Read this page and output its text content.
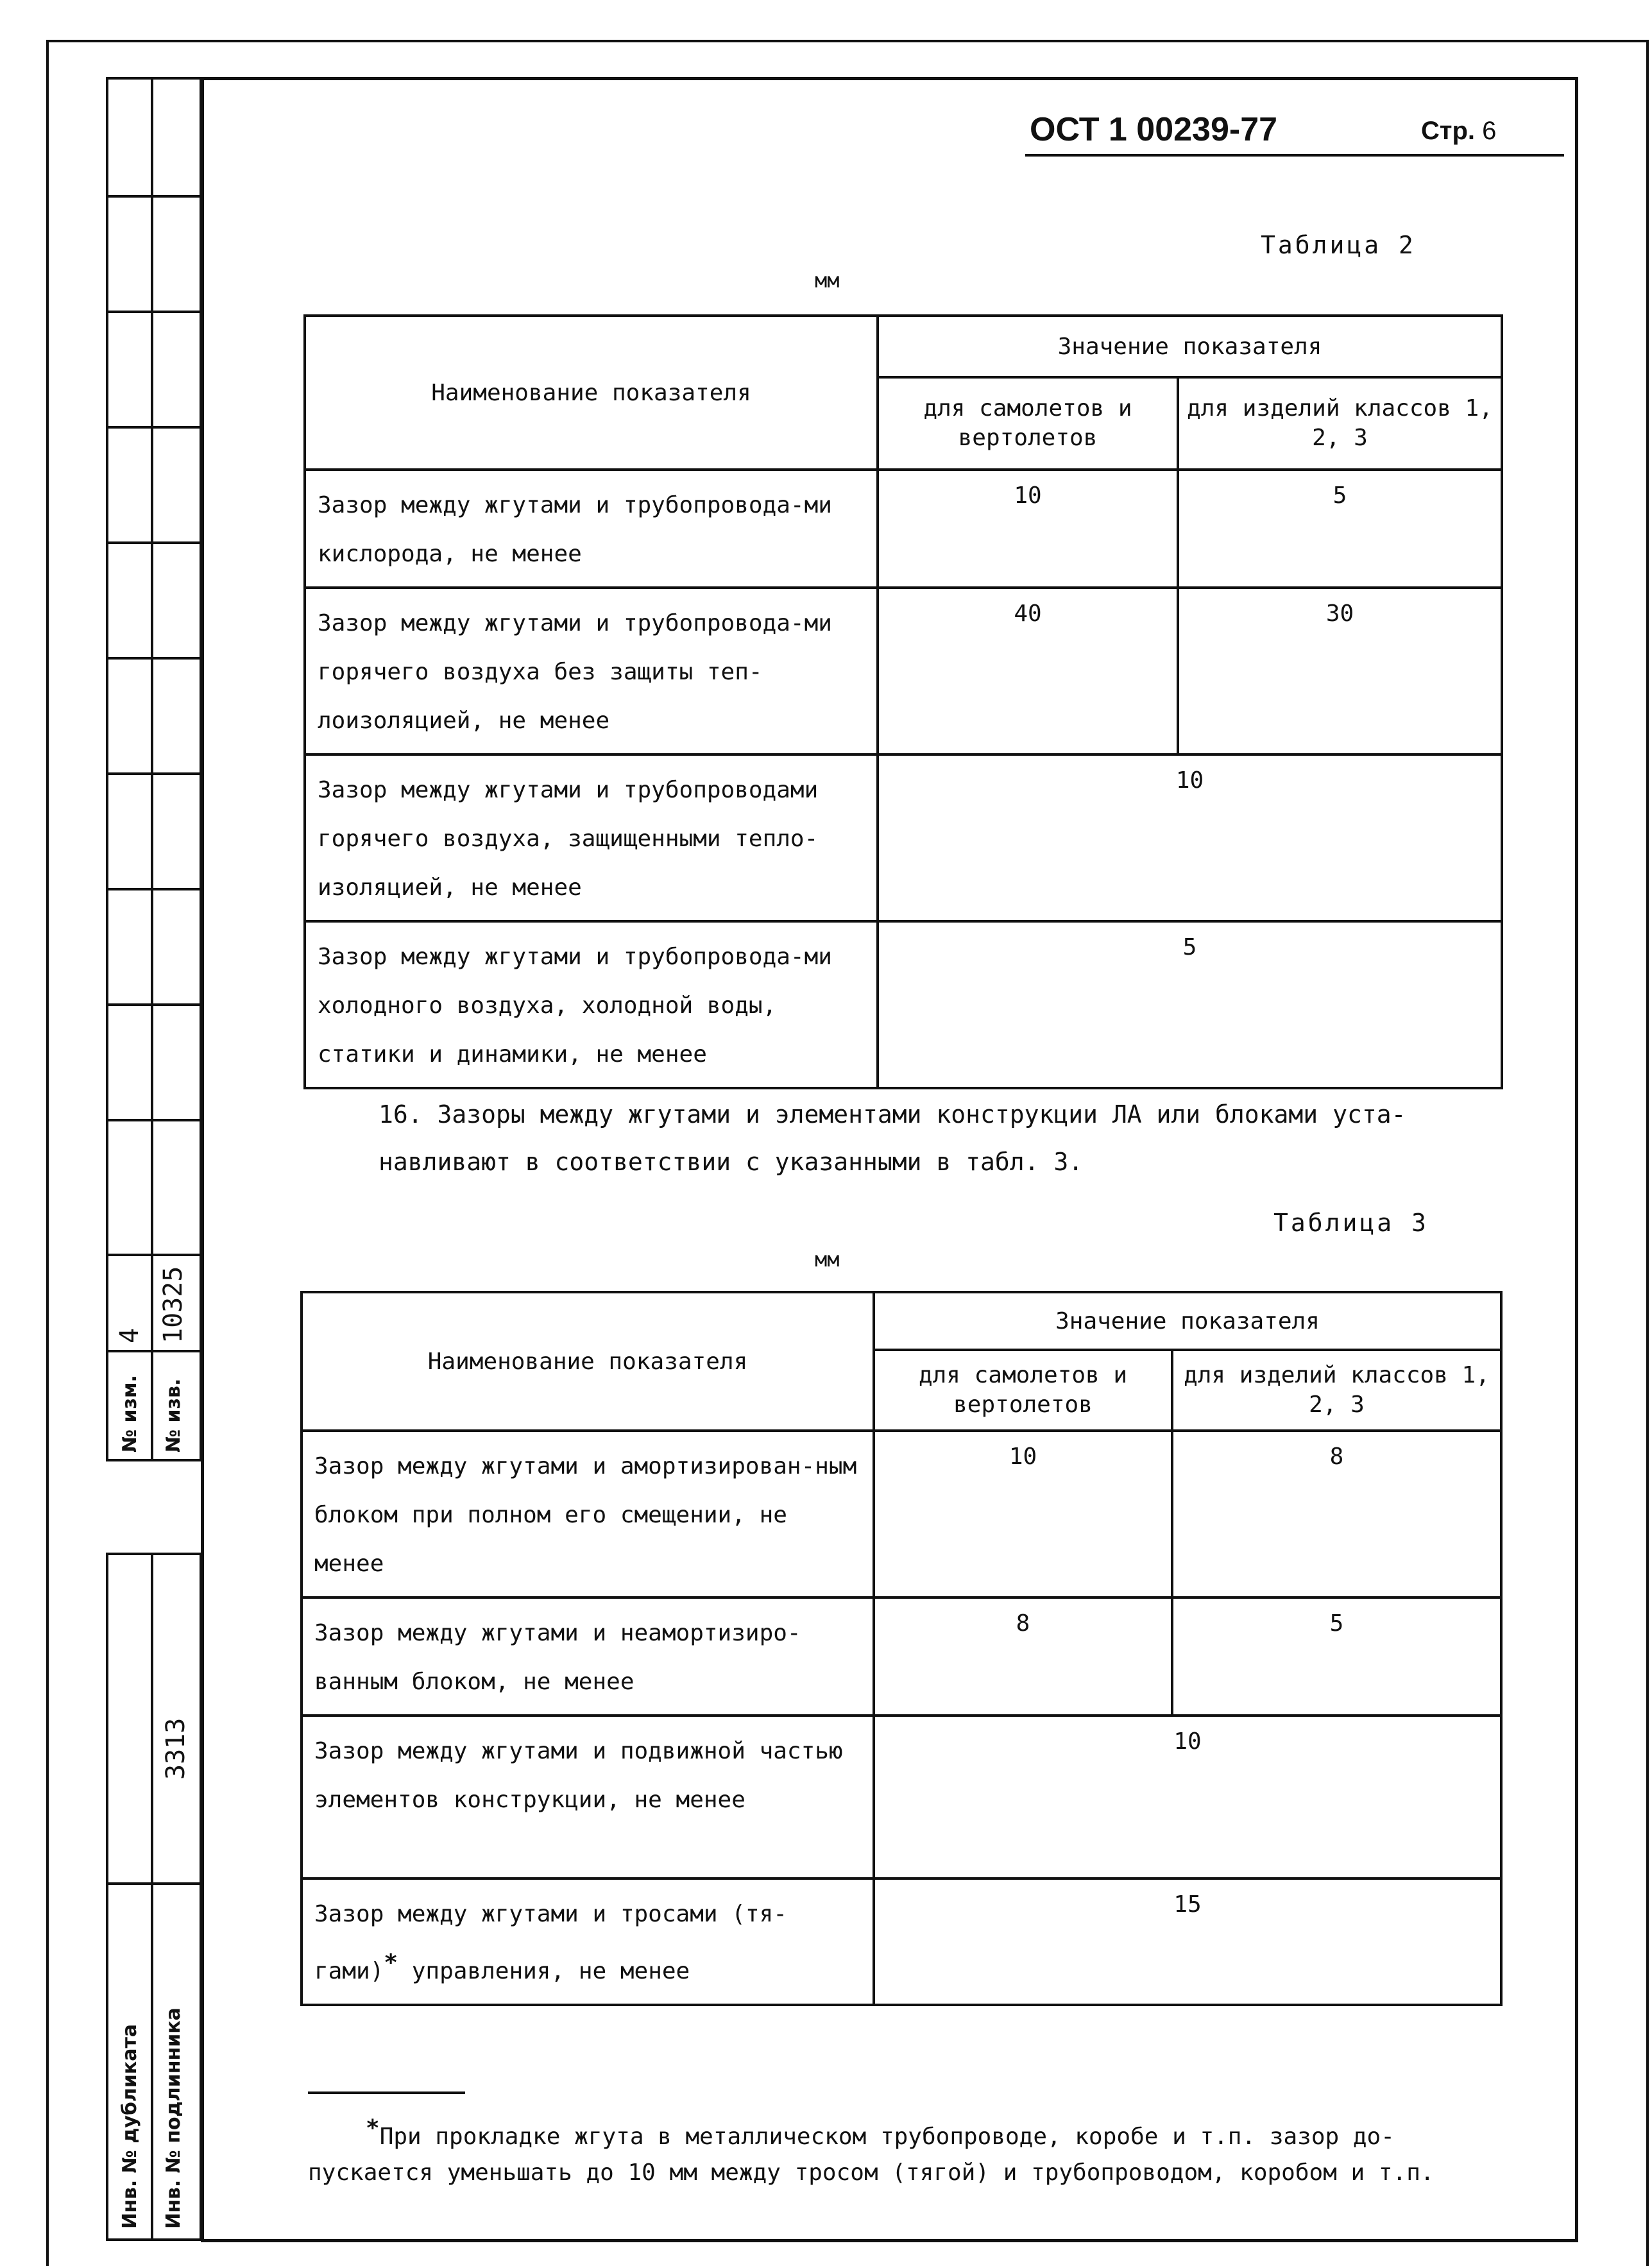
4 10325
№ изм. № изв.
3313
Инв. № дубликата Инв. № подлинника
ОСТ 1 00239-77	Стр. 6
Таблица 2
мм
Наименование показателя	Значение показателя	
	для самолетов и вертолетов	для изделий классов 1, 2, 3
Зазор между жгутами и трубопровода-ми кислорода, не менее	10	5
Зазор между жгутами и трубопровода-ми горячего воздуха без защиты теп-лоизоляцией, не менее	40	30
Зазор между жгутами и трубопроводами горячего воздуха, защищенными тепло-изоляцией, не менее	10	
Зазор между жгутами и трубопровода-ми холодного воздуха, холодной воды, статики и динамики, не менее	5	
16. Зазоры между жгутами и элементами конструкции ЛА или блоками уста-навливают в соответствии с указанными в табл. 3.
Таблица 3
мм
Наименование показателя	Значение показателя	
	для самолетов и вертолетов	для изделий классов 1, 2, 3
Зазор между жгутами и амортизирован-ным блоком при полном его смещении, не менее	10	8
Зазор между жгутами и неамортизиро-ванным блоком, не менее	8	5
Зазор между жгутами и подвижной частью элементов конструкции, не менее	10	
Зазор между жгутами и тросами (тя-гами)* управления, не менее	15	
*При прокладке жгута в металлическом трубопроводе, коробе и т.п. зазор до-пускается уменьшать до 10 мм между тросом (тягой) и трубопроводом, коробом и т.п.
